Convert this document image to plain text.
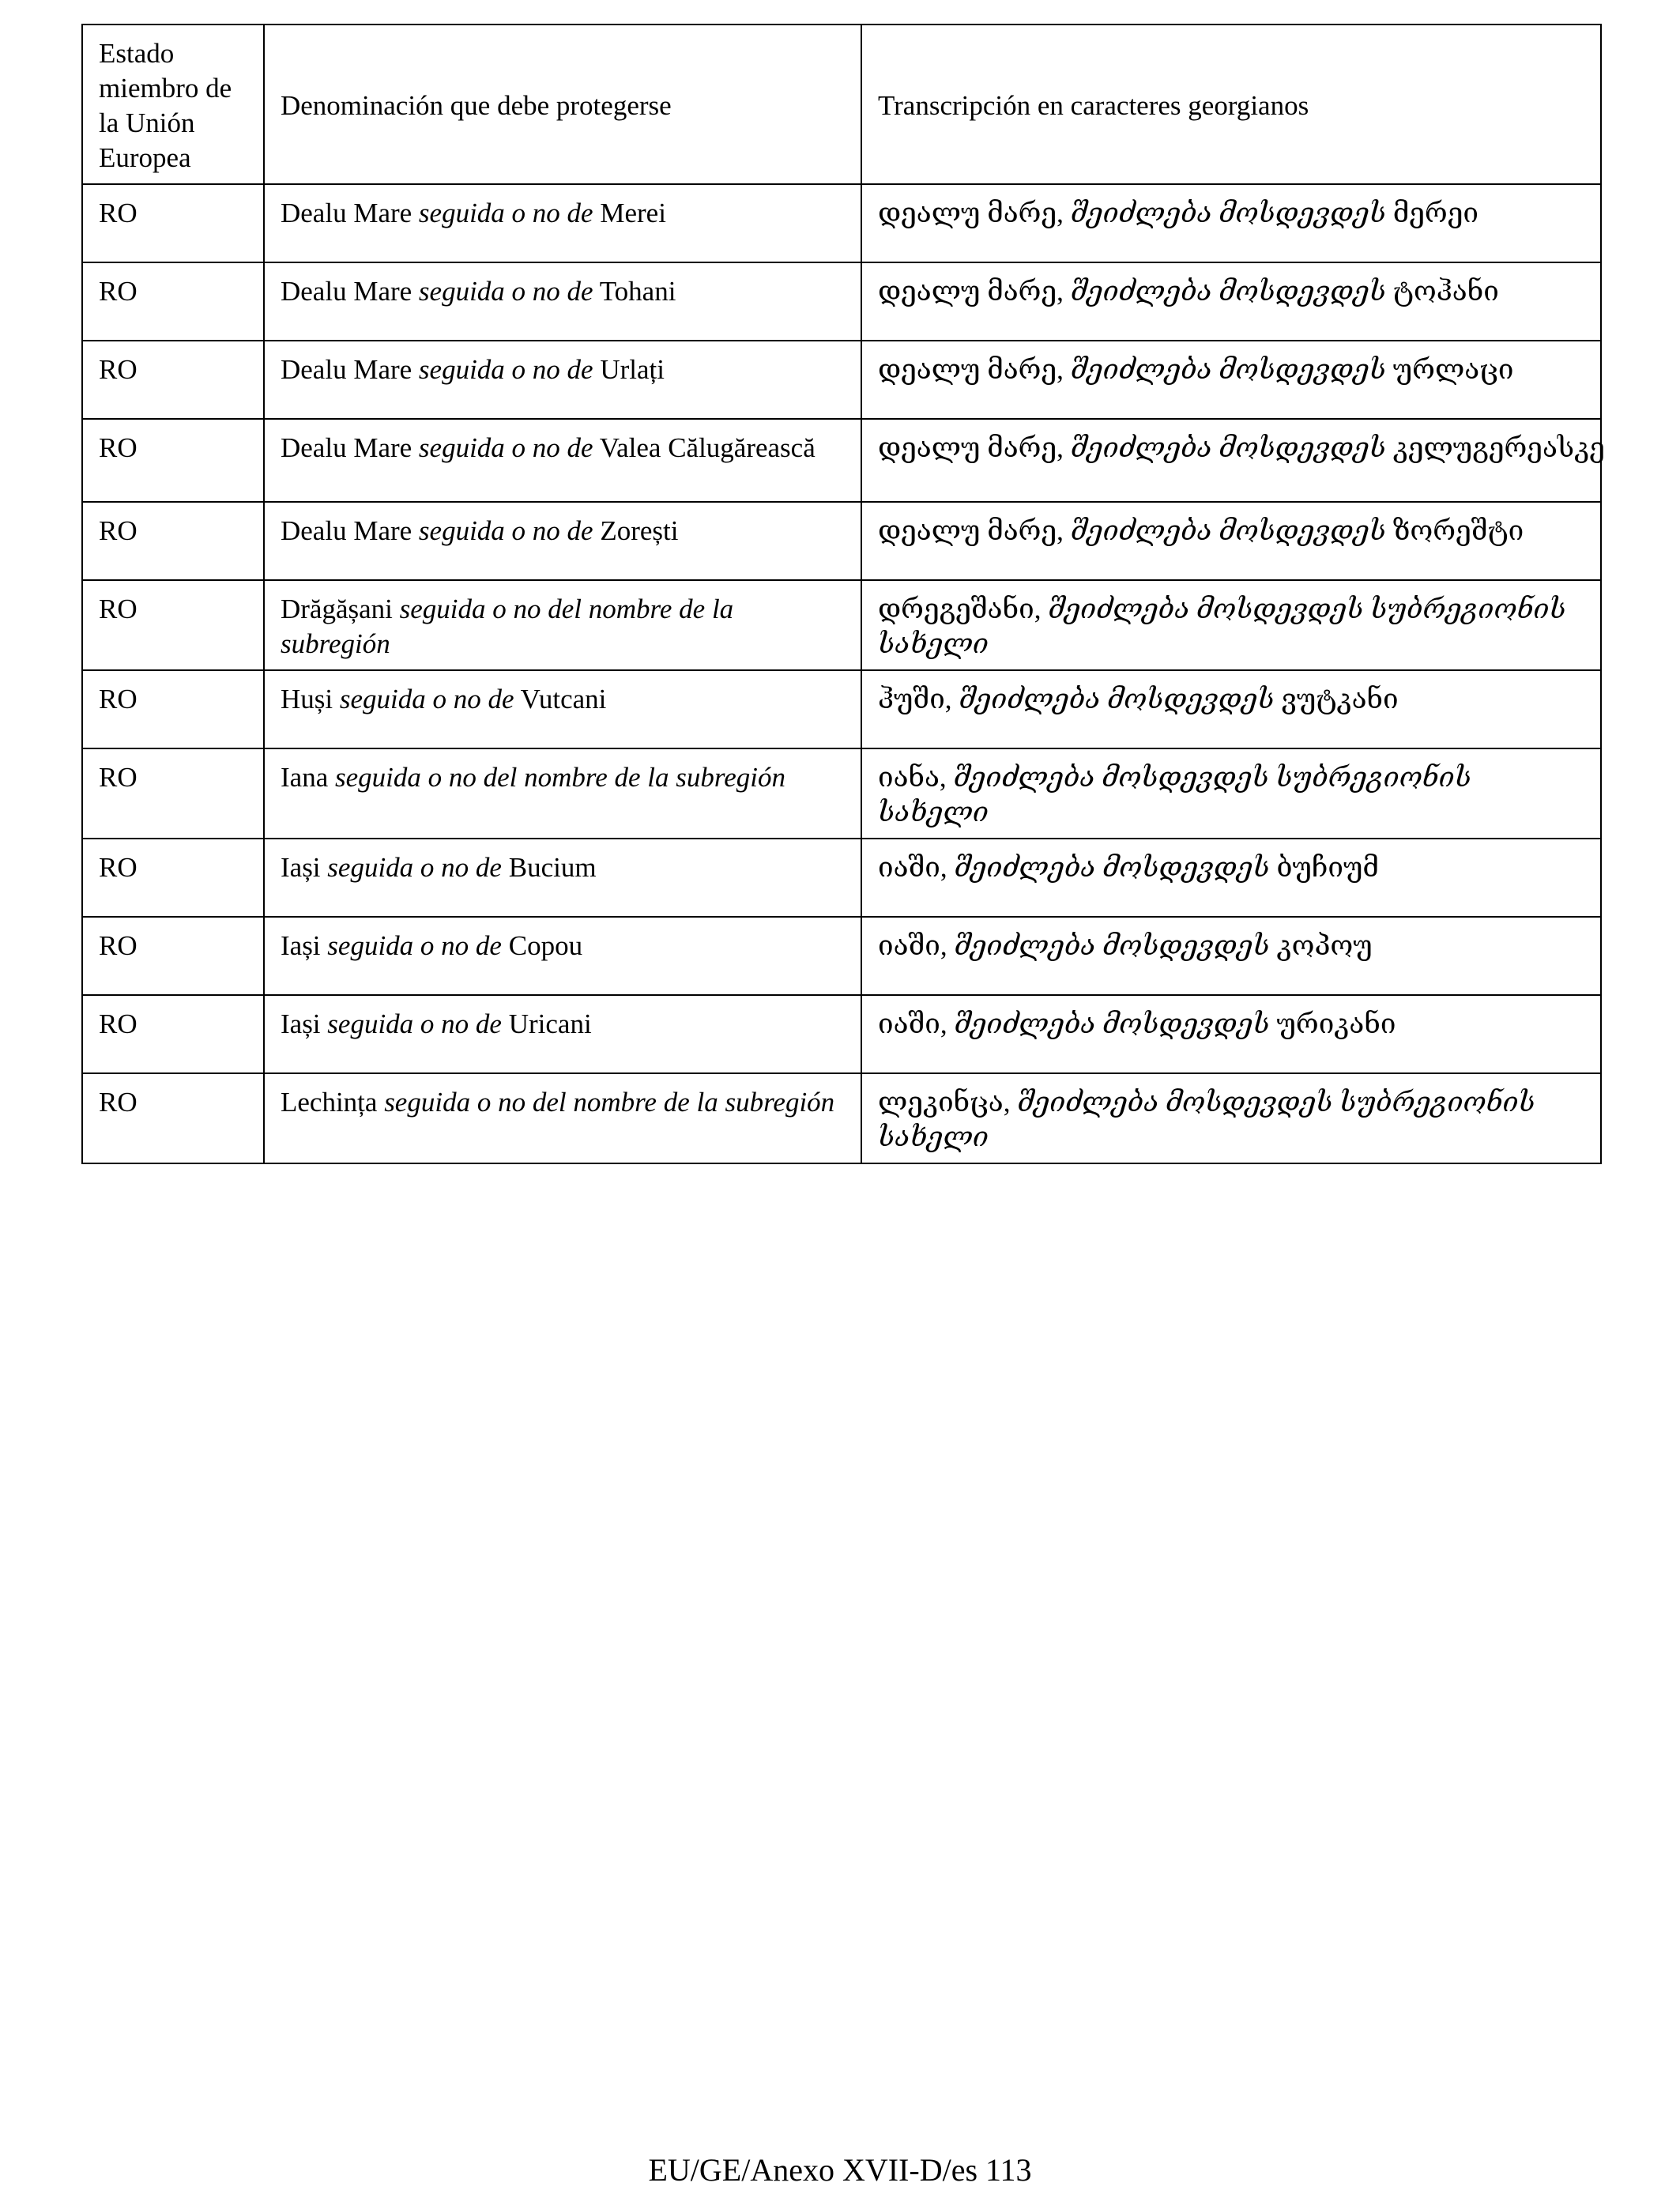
Estado miembro de la Unión Europea	Denominación que debe protegerse	Transcripción en caracteres georgianos
RO	Dealu Mare seguida o no de Merei	დეალუ მარე, შეიძლება მოსდევდეს მერეი
RO	Dealu Mare seguida o no de Tohani	დეალუ მარე, შეიძლება მოსდევდეს ტოჰანი
RO	Dealu Mare seguida o no de Urlați	დეალუ მარე, შეიძლება მოსდევდეს ურლაცი
RO	Dealu Mare seguida o no de Valea Călugărească	დეალუ მარე, შეიძლება მოსდევდეს კელუგერეასკე
RO	Dealu Mare seguida o no de Zorești	დეალუ მარე, შეიძლება მოსდევდეს ზორეშტი
RO	Drăgășani seguida o no del nombre de la subregión	დრეგეშანი, შეიძლება მოსდევდეს სუბრეგიონის სახელი
RO	Huși seguida o no de Vutcani	ჰუში, შეიძლება მოსდევდეს ვუტკანი
RO	Iana seguida o no del nombre de la subregión	იანა, შეიძლება მოსდევდეს სუბრეგიონის სახელი
RO	Iași seguida o no de Bucium	იაში, შეიძლება მოსდევდეს ბუჩიუმ
RO	Iași seguida o no de Copou	იაში, შეიძლება მოსდევდეს კოპოუ
RO	Iași seguida o no de Uricani	იაში, შეიძლება მოსდევდეს ურიკანი
RO	Lechința seguida o no del nombre de la subregión	ლეკინცა, შეიძლება მოსდევდეს სუბრეგიონის სახელი
EU/GE/Anexo XVII-D/es 113
